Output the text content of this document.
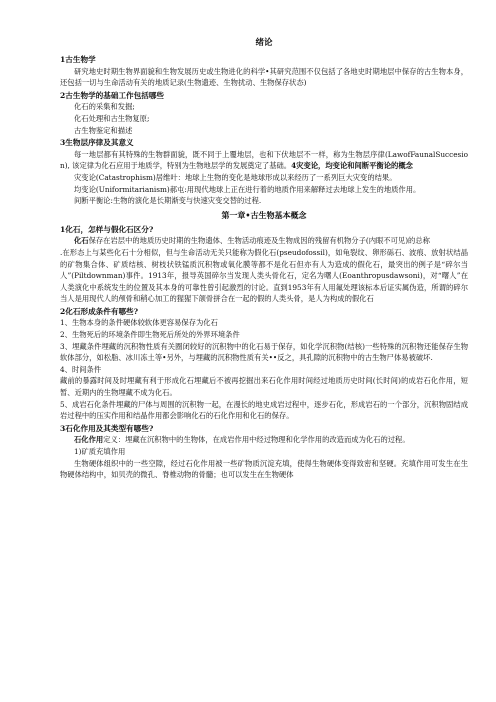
绪论
1古生物学

研究地史时期生物界面貌和生物发展历史或生物进化的科学•其研究范围不仅包括了各地史时期地层中保存的古生物本身，还包括一切与生命活动有关的地质记录(生物遗迹、生物扰动、生物保存状态)

2古生物学的基础工作包括哪些

化石的采集和发掘;

化石处理和古生物复原;

古生物鉴定和描述

3生物层序律及其意义

每一地层都有其特殊的生物群面貌，既不同于上覆地层，也和下伏地层不一样，称为生物层序律(LawofFaunalSuccesion), 该定律为化石应用于地质学，特别为生物地层学的发展奠定了基础。4灾变论，均变论和间断平衡论的概念

灾变论(Catastrophism)居维叶：地球上生物的变化是地球形成以来经历了一系列巨大灾变的结果。

均变论(Uniformitarianism)郝屯:用现代地球上正在进行着的地质作用来解释过去地球上发生的地质作用。

间断平衡论:生物的演化是长期渐变与快速灾变交替的过程.

第一章•古生物基本概念
1化石，怎样与假化石区分?

化石保存在岩层中的地质历史时期的生物遗体、生物活动痕迹及生物成因的残留有机物分子(内眼不可见)的总称

.在形态上与某些化石十分相似，但与生命活动无关只能称为假化石(pseudofossil)，如龟裂纹、卵形砾石、波痕、放射状结晶的矿物集合体、矿质结核、树枝状铁锰质沉积物或氧化膜等都不是化石但亦有人为造成的假化石，最突出的例子是“碎尔当人”(Piltdownman)事件。1913年，报导英国碎尔当发现人类头骨化石，定名为曙人(Eoanthropusdawsoni)，对“曙人”在人类演化中系统发生的位置及其本身的可靠性曾引起激烈的讨论。直到1953年有人用氟处理该标本后证实属伪造，所谓的碎尔当人是用现代人的颅骨和稍心加工的猩猩下颌骨拼合在一起的假的人类头骨，是人为构成的假化石

2化石形成条件有哪些?

1、生物本身的条件硬体较软体更容易保存为化石

2、生物死后的环境条件即生物死后所处的外界环境条件

3、埋藏条件埋藏的沉积物性质有关圈闭较好的沉积物中的化石易于保存，如化学沉积物(结核)一些特殊的沉积物还能保存生物软体部分，如松脂、冰川冻土等•另外，与埋藏的沉积物性质有关••反之，具孔隙的沉积物中的古生物尸体易被破坏.

4、时间条件

藏前的暴露时间及时埋藏有利于形成化石埋藏后不被再挖掘出来石化作用时间经过地质历史时间(长时间)的成岩石化作用，短暂、近期内的生物埋藏不成为化石。

5、成岩石化条件埋藏的尸体与周围的沉积物一起，在漫长的地史成岩过程中，逐步石化，形成岩石的一个部分，沉积物固结成岩过程中的压实作用和结晶作用都会影响化石的石化作用和化石的保存。

3石化作用及其类型有哪些?

石化作用定义：埋藏在沉积物中的生物体，在成岩作用中经过物理和化学作用的改造而成为化石的过程。

1)矿质充填作用

生物硬体组织中的一些空隙，经过石化作用被一些矿物质沉淀充填，使得生物硬体变得致密和坚硬。充填作用可发生在生物硬体结构中，如贝壳的微孔、脊椎动物的骨髓；也可以发生在生物硬体
